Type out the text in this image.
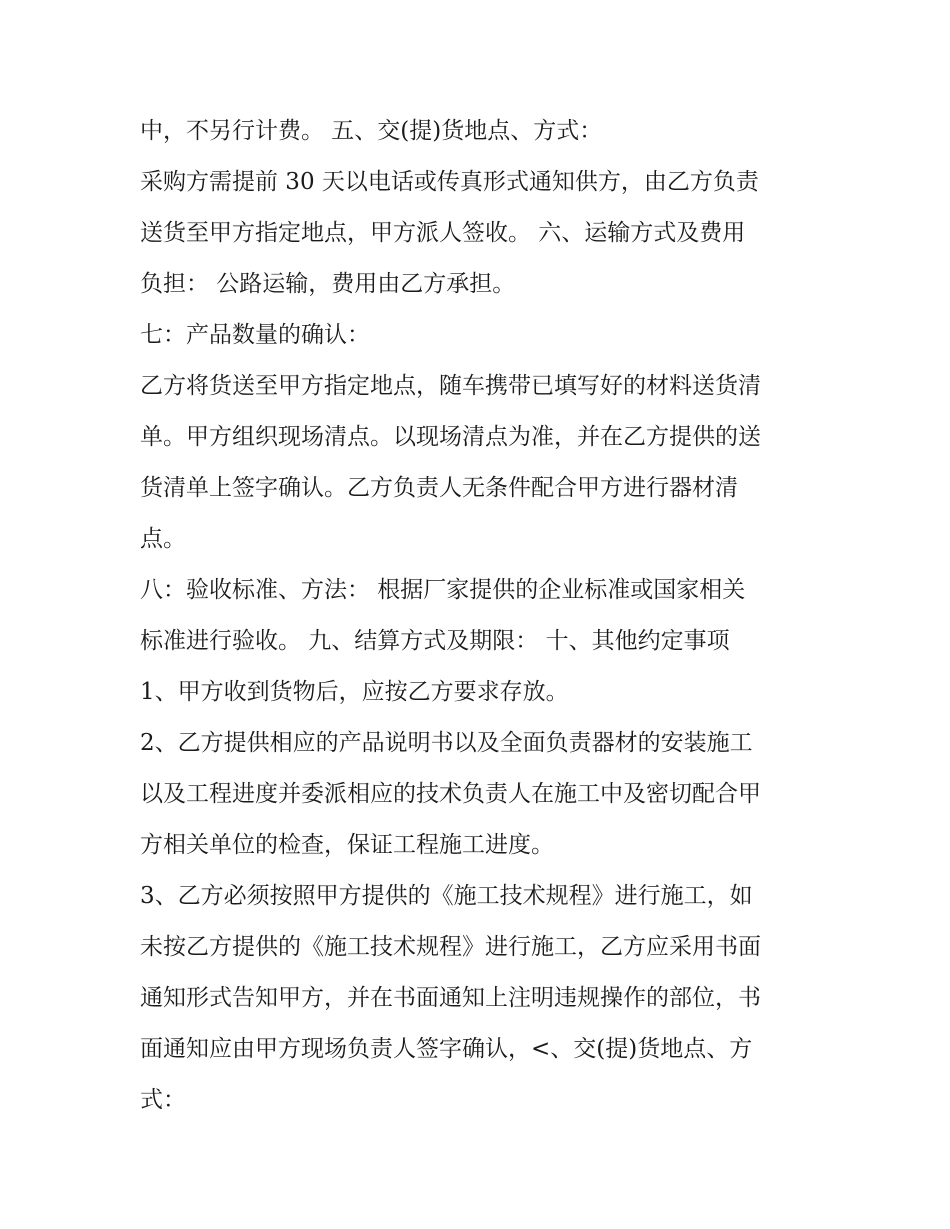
中，不另行计费。 五、交(提)货地点、方式：
采购方需提前 30 天以电话或传真形式通知供方，由乙方负责
送货至甲方指定地点，甲方派人签收。 六、运输方式及费用
负担： 公路运输，费用由乙方承担。
七：产品数量的确认：
乙方将货送至甲方指定地点，随车携带已填写好的材料送货清
单。甲方组织现场清点。以现场清点为准，并在乙方提供的送
货清单上签字确认。乙方负责人无条件配合甲方进行器材清
点。
八：验收标准、方法： 根据厂家提供的企业标准或国家相关
标准进行验收。 九、结算方式及期限： 十、其他约定事项
1、甲方收到货物后，应按乙方要求存放。
2、乙方提供相应的产品说明书以及全面负责器材的安装施工
以及工程进度并委派相应的技术负责人在施工中及密切配合甲
方相关单位的检查，保证工程施工进度。
3、乙方必须按照甲方提供的《施工技术规程》进行施工，如
未按乙方提供的《施工技术规程》进行施工，乙方应采用书面
通知形式告知甲方，并在书面通知上注明违规操作的部位，书
面通知应由甲方现场负责人签字确认，<、交(提)货地点、方
式：
